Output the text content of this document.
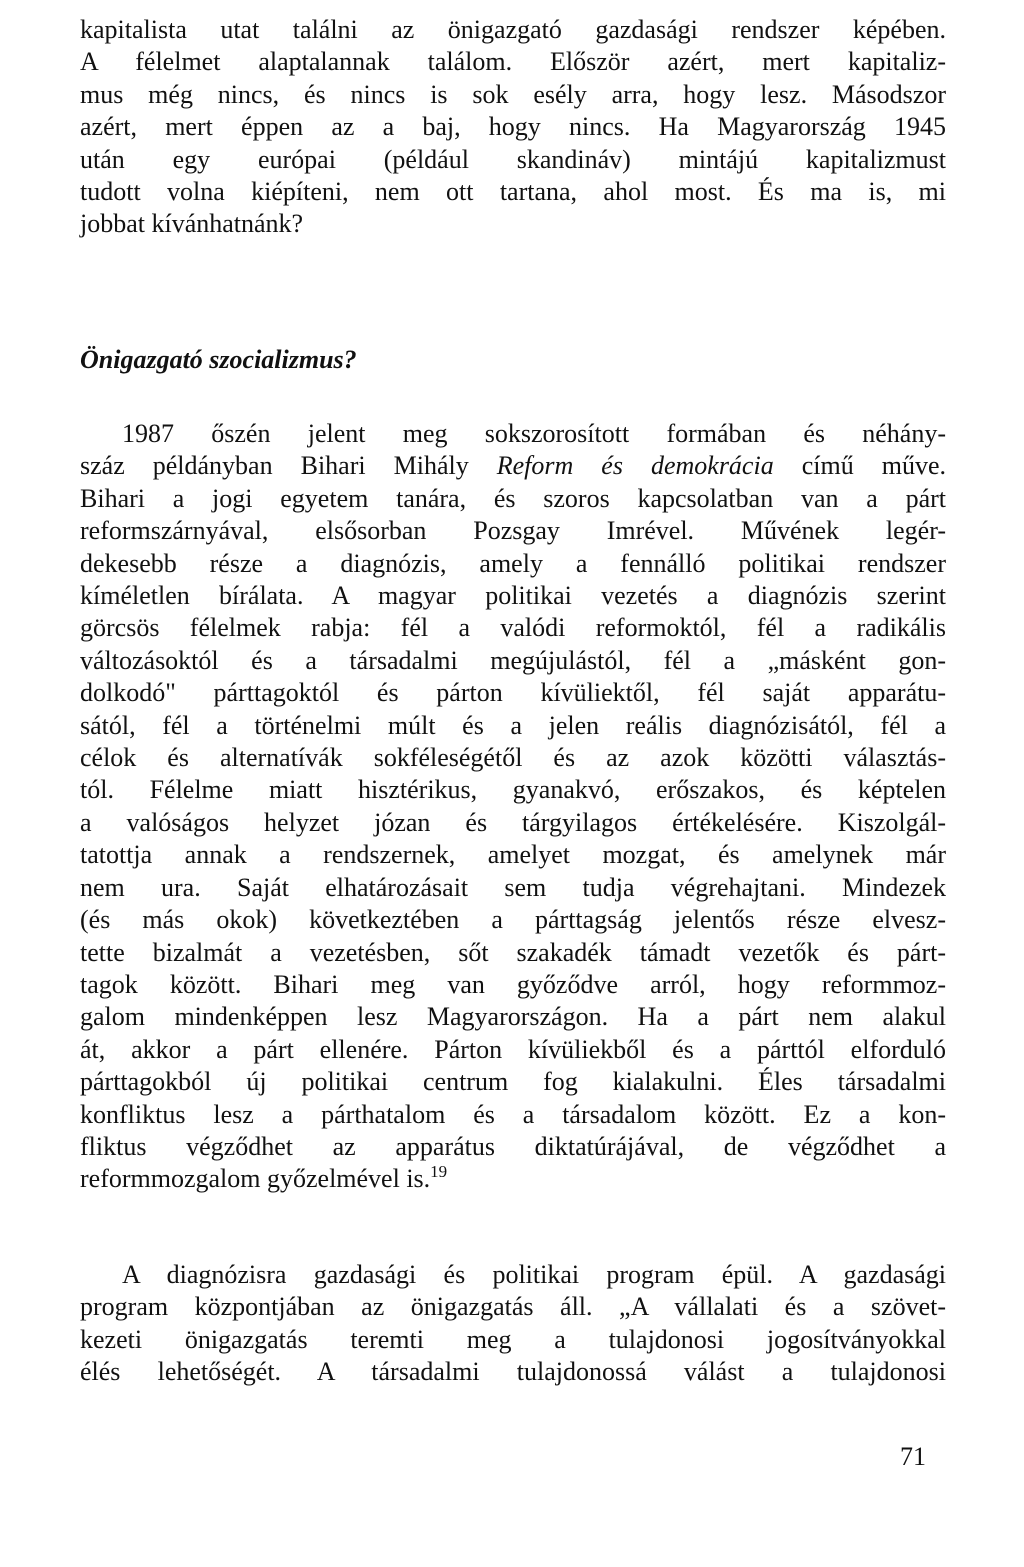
kapitalista utat találni az önigazgató gazdasági rendszer képében.
A félelmet alaptalannak találom. Először azért, mert kapitaliz-
mus még nincs, és nincs is sok esély arra, hogy lesz. Másodszor
azért, mert éppen az a baj, hogy nincs. Ha Magyarország 1945
után egy európai (például skandináv) mintájú kapitalizmust
tudott volna kiépíteni, nem ott tartana, ahol most. És ma is, mi
jobbat kívánhatnánk?
Önigazgató szocializmus?
1987 őszén jelent meg sokszorosított formában és néhány-
száz példányban Bihari Mihály Reform és demokrácia című műve.
Bihari a jogi egyetem tanára, és szoros kapcsolatban van a párt
reformszárnyával, elsősorban Pozsgay Imrével. Művének legér-
dekesebb része a diagnózis, amely a fennálló politikai rendszer
kíméletlen bírálata. A magyar politikai vezetés a diagnózis szerint
görcsös félelmek rabja: fél a valódi reformoktól, fél a radikális
változásoktól és a társadalmi megújulástól, fél a „másként gon-
dolkodó" párttagoktól és párton kívüliektől, fél saját apparátu-
sától, fél a történelmi múlt és a jelen reális diagnózisától, fél a
célok és alternatívák sokféleségétől és az azok közötti választás-
tól. Félelme miatt hisztérikus, gyanakvó, erőszakos, és képtelen
a valóságos helyzet józan és tárgyilagos értékelésére. Kiszolgál-
tatottja annak a rendszernek, amelyet mozgat, és amelynek már
nem ura. Saját elhatározásait sem tudja végrehajtani. Mindezek
(és más okok) következtében a párttagság jelentős része elvesz-
tette bizalmát a vezetésben, sőt szakadék támadt vezetők és párt-
tagok között. Bihari meg van győződve arról, hogy reformmoz-
galom mindenképpen lesz Magyarországon. Ha a párt nem alakul
át, akkor a párt ellenére. Párton kívüliekből és a párttól elforduló
párttagokból új politikai centrum fog kialakulni. Éles társadalmi
konfliktus lesz a párthatalom és a társadalom között. Ez a kon-
fliktus végződhet az apparátus diktatúrájával, de végződhet a
reformmozgalom győzelmével is.$^{19}$
A diagnózisra gazdasági és politikai program épül. A gazdasági
program központjában az önigazgatás áll. „A vállalati és a szövet-
kezeti önigazgatás teremti meg a tulajdonosi jogosítványokkal
élés lehetőségét. A társadalmi tulajdonossá válást a tulajdonosi
71
